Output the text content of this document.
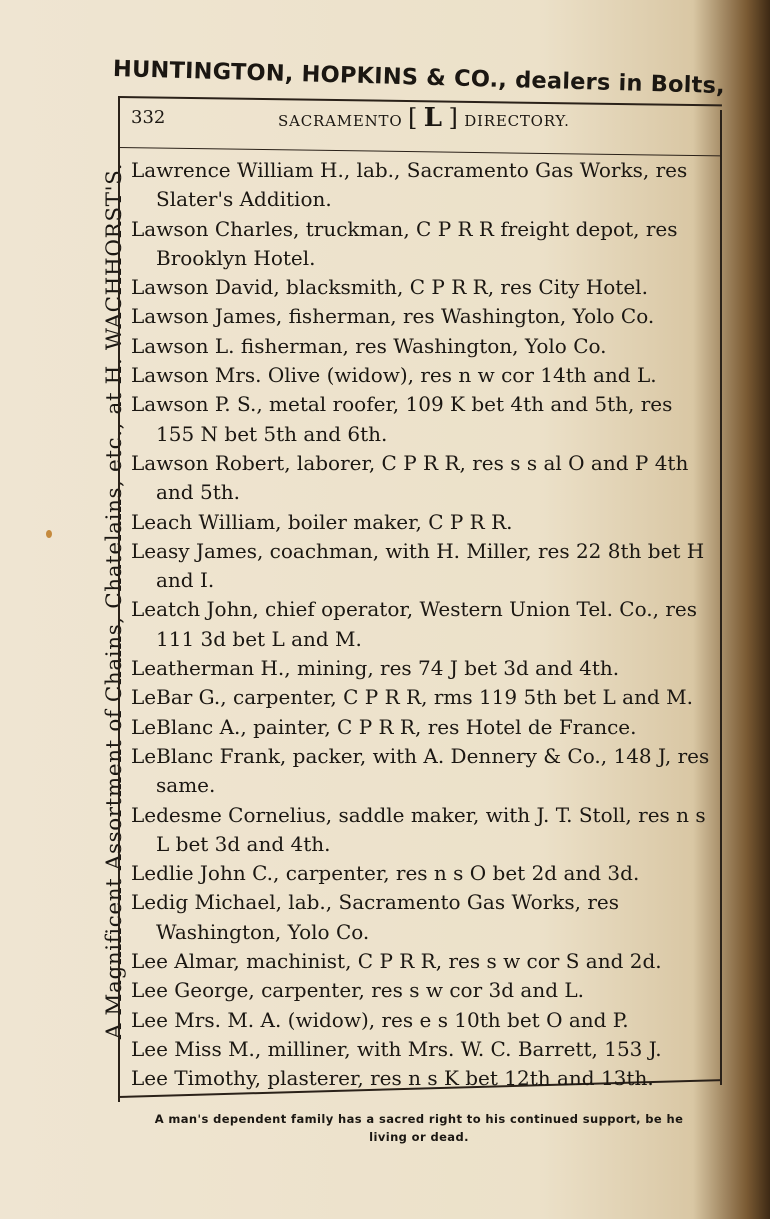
HUNTINGTON, HOPKINS & CO., dealers in Bolts,
A Magnificent Assortment of Chains, Chatelains, etc., at H. WACHHORST'S.
332	SACRAMENTO [ L ] DIRECTORY.

Lawrence William H., lab., Sacramento Gas Works, res Slater's Addition.

Lawson Charles, truckman, C P R R freight depot, res Brooklyn Hotel.

Lawson David, blacksmith, C P R R, res City Hotel.

Lawson James, fisherman, res Washington, Yolo Co.

Lawson L. fisherman, res Washington, Yolo Co.

Lawson Mrs. Olive (widow), res n w cor 14th and L.

Lawson P. S., metal roofer, 109 K bet 4th and 5th, res 155 N bet 5th and 6th.

Lawson Robert, laborer, C P R R, res s s al O and P 4th and 5th.

Leach William, boiler maker, C P R R.

Leasy James, coachman, with H. Miller, res 22 8th bet H and I.

Leatch John, chief operator, Western Union Tel. Co., res 111 3d bet L and M.

Leatherman H., mining, res 74 J bet 3d and 4th.

LeBar G., carpenter, C P R R, rms 119 5th bet L and M.

LeBlanc A., painter, C P R R, res Hotel de France.

LeBlanc Frank, packer, with A. Dennery & Co., 148 J, res same.

Ledesme Cornelius, saddle maker, with J. T. Stoll, res n s L bet 3d and 4th.

Ledlie John C., carpenter, res n s O bet 2d and 3d.

Ledig Michael, lab., Sacramento Gas Works, res Washington, Yolo Co.

Lee Almar, machinist, C P R R, res s w cor S and 2d.

Lee George, carpenter, res s w cor 3d and L.

Lee Mrs. M. A. (widow), res e s 10th bet O and P.

Lee Miss M., milliner, with Mrs. W. C. Barrett, 153 J.

Lee Timothy, plasterer, res n s K bet 12th and 13th.

A man's dependent family has a sacred right to his continued support, be he
living or dead.
